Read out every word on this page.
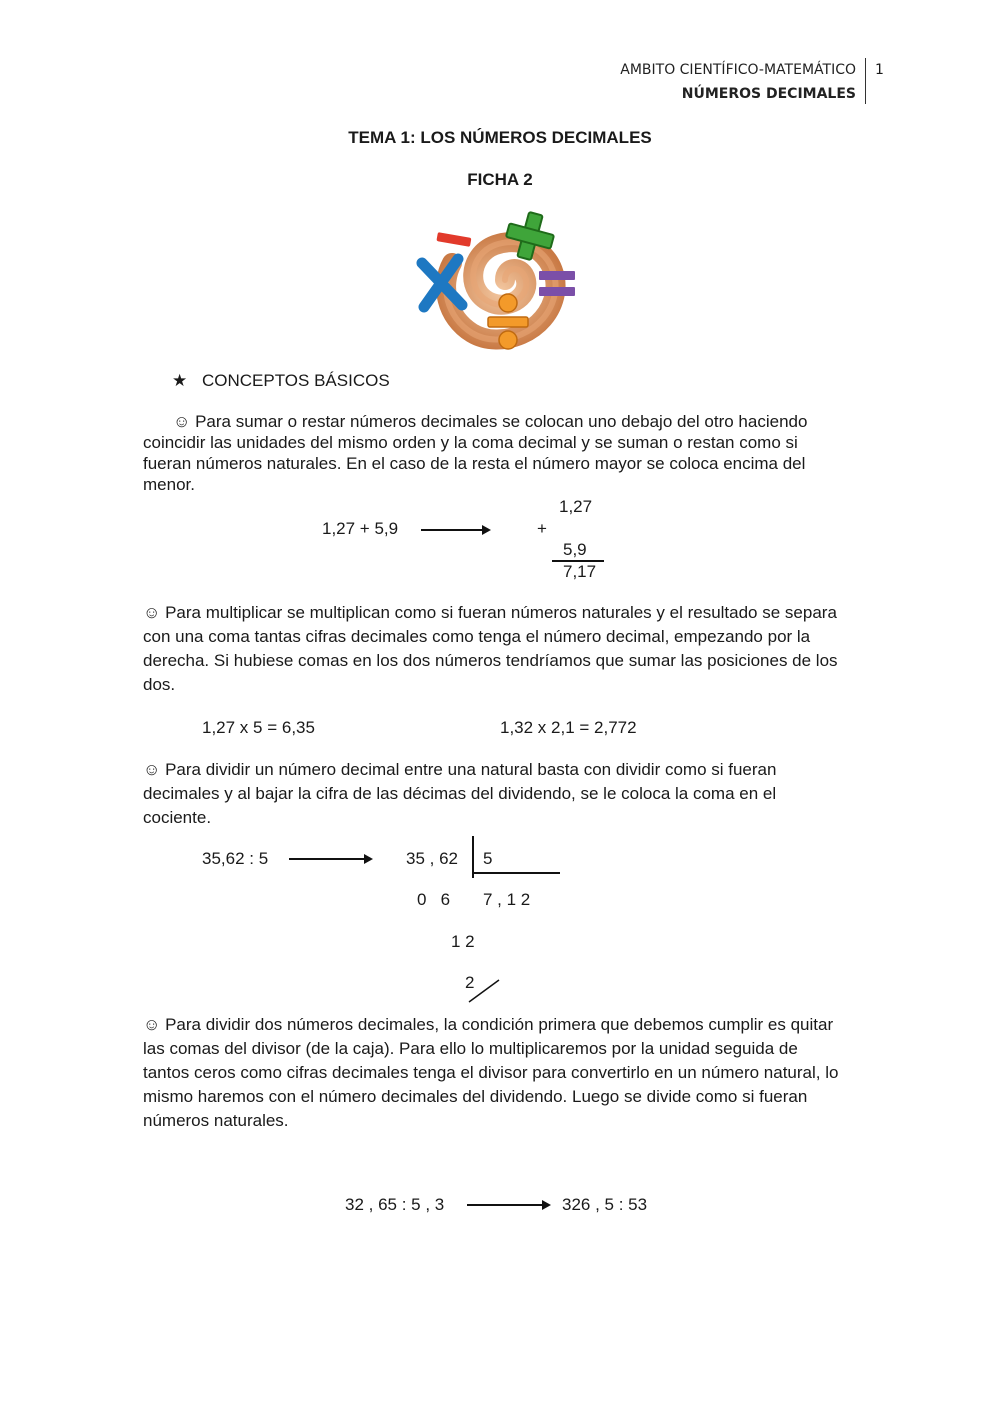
AMBITO CIENTÍFICO-MATEMÁTICO
NÚMEROS DECIMALES
1
TEMA 1: LOS NÚMEROS DECIMALES
FICHA 2
★ CONCEPTOS BÁSICOS
☺ Para sumar o restar números decimales se colocan uno debajo del otro haciendo coincidir las unidades del mismo orden y la coma decimal y se suman o restan como si fueran números naturales. En el caso de la resta el número mayor se coloca encima del menor.
1,27 + 5,9
1,27
+
5,9
7,17
☺ Para multiplicar se multiplican como si fueran números naturales y el resultado se separa con una coma tantas cifras decimales como tenga el número decimal, empezando por la derecha. Si hubiese comas en los dos números tendríamos que sumar las posiciones de los dos.
1,27 x 5 = 6,35	1,32 x 2,1 = 2,772
☺ Para dividir un número decimal entre una natural basta con dividir como si fueran decimales y al bajar la cifra de las décimas del dividendo, se le coloca la coma en el cociente.
35,62 : 5	35 , 62 5
0   6 7 , 1 2
1 2
2
☺ Para dividir dos números decimales, la condición primera que debemos cumplir es quitar las comas del divisor (de la caja). Para ello lo multiplicaremos por la unidad seguida de tantos ceros como cifras decimales tenga el divisor para convertirlo en un número natural, lo mismo haremos con el número decimales del dividendo. Luego se divide como si fueran números naturales.
32 , 65 : 5 , 3	326 , 5 : 53
